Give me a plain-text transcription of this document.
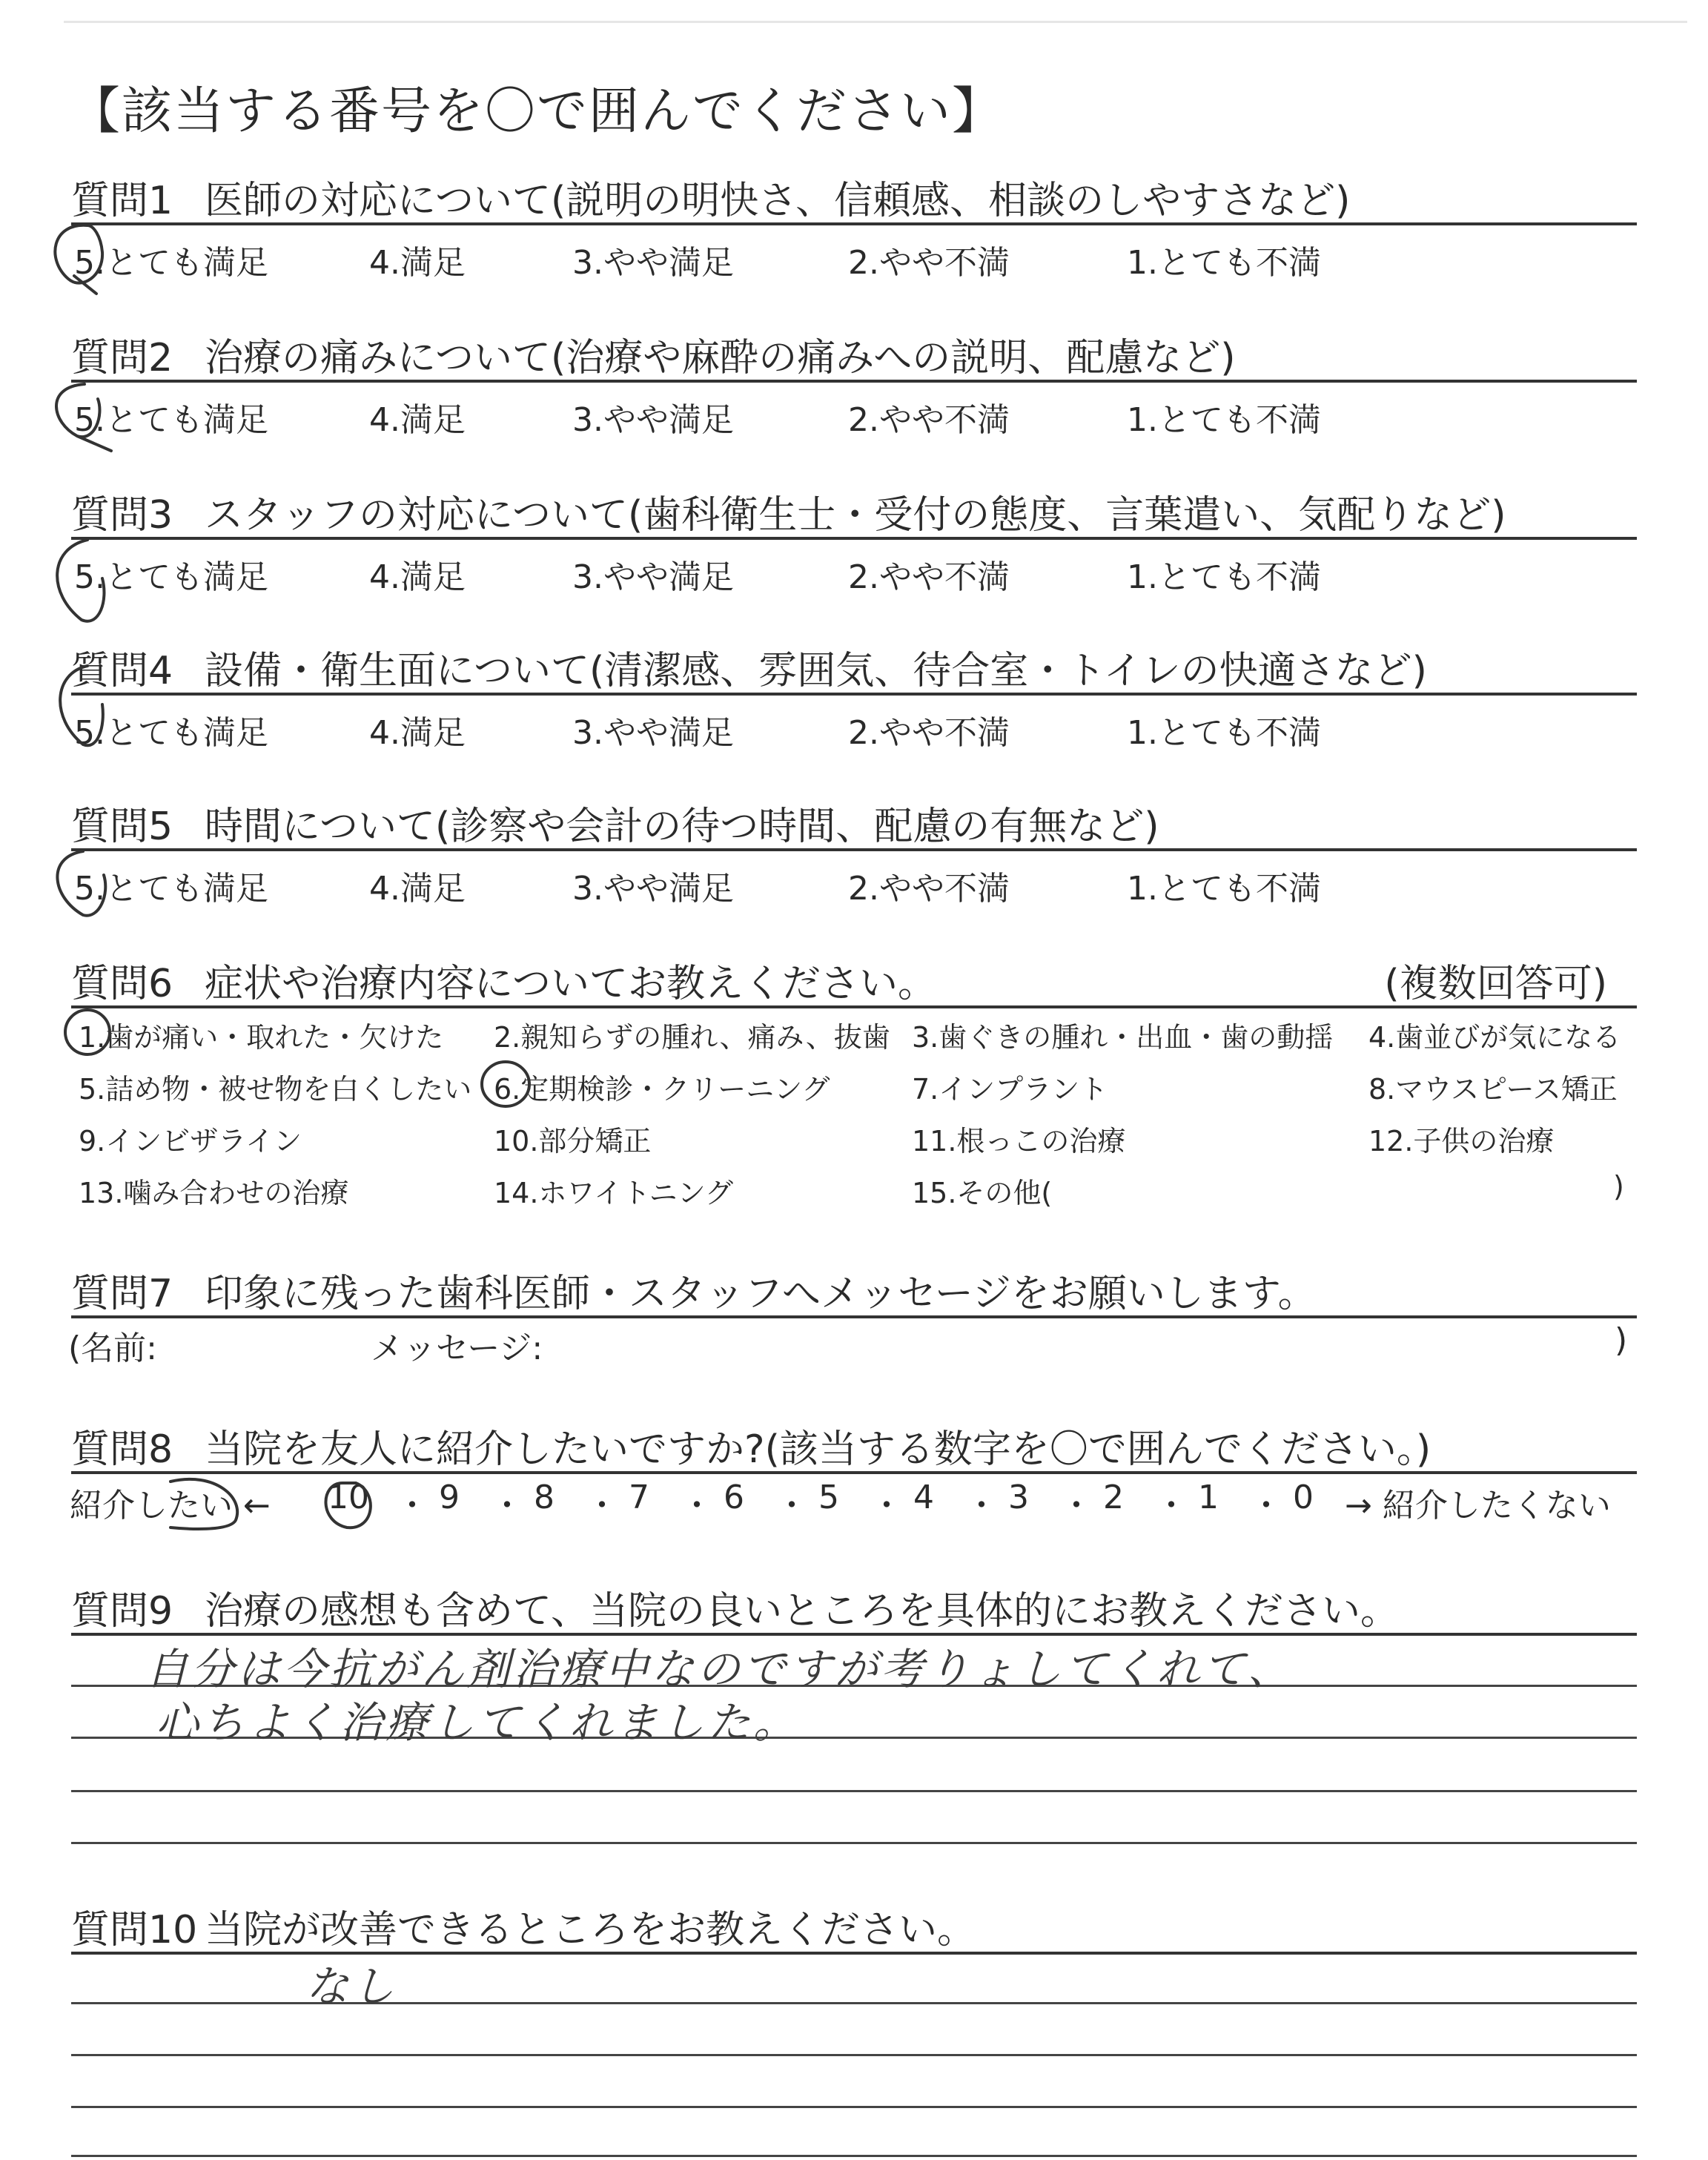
【該当する番号を〇で囲んでください】
質問1 医師の対応について(説明の明快さ、信頼感、相談のしやすさなど)
5.とても満足	4.満足	3.やや満足	2.やや不満	1.とても不満
質問2 治療の痛みについて(治療や麻酔の痛みへの説明、配慮など)
5.とても満足	4.満足	3.やや満足	2.やや不満	1.とても不満
質問3 スタッフの対応について(歯科衛生士・受付の態度、言葉遣い、気配りなど)
5.とても満足	4.満足	3.やや満足	2.やや不満	1.とても不満
質問4 設備・衛生面について(清潔感、雰囲気、待合室・トイレの快適さなど)
5.とても満足	4.満足	3.やや満足	2.やや不満	1.とても不満
質問5 時間について(診察や会計の待つ時間、配慮の有無など)
5.とても満足	4.満足	3.やや満足	2.やや不満	1.とても不満
質問6 症状や治療内容についてお教えください。	(複数回答可)
1.歯が痛い・取れた・欠けた 2.親知らずの腫れ、痛み、抜歯 3.歯ぐきの腫れ・出血・歯の動揺 4.歯並びが気になる
5.詰め物・被せ物を白くしたい 6.定期検診・クリーニング	7.インプラント	8.マウスピース矯正
9.インビザライン	10.部分矯正	11.根っこの治療	12.子供の治療
13.噛み合わせの治療	14.ホワイトニング	15.その他(	)
質問7 印象に残った歯科医師・スタッフへメッセージをお願いします。
(名前:	メッセージ:	)
質問8 当院を友人に紹介したいですか?(該当する数字を〇で囲んでください。)
紹介したい ← 10 ・ 9 ・ 8 ・ 7 ・ 6 ・ 5 ・ 4 ・ 3 ・ 2 ・ 1 ・ 0 → 紹介したくない
質問9 治療の感想も含めて、当院の良いところを具体的にお教えください。
自分は今抗がん剤治療中なのですが考りょしてくれて、
心ちよく治療してくれました。
質問10 当院が改善できるところをお教えください。
なし
